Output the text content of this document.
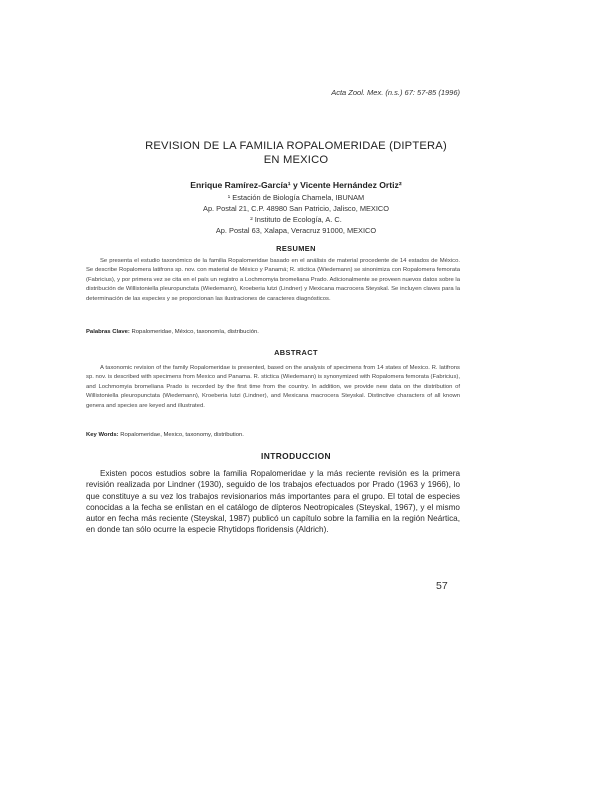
Acta Zool. Mex. (n.s.) 67: 57-85 (1996)
REVISION DE LA FAMILIA ROPALOMERIDAE (DIPTERA)
EN MEXICO
Enrique Ramírez-García¹ y Vicente Hernández Ortiz²
¹ Estación de Biología Chamela, IBUNAM
Ap. Postal 21, C.P. 48980 San Patricio, Jalisco, MEXICO
² Instituto de Ecología, A. C.
Ap. Postal 63, Xalapa, Veracruz 91000, MEXICO
RESUMEN
Se presenta el estudio taxonómico de la familia Ropalomeridae basado en el análisis de material procedente de 14 estados de México. Se describe Ropalomera latifrons sp. nov. con material de México y Panamá; R. stictica (Wiedemann) se sinonimiza con Ropalomera femorata (Fabricius), y por primera vez se cita en el país un registro a Lochmomyia bromeliana Prado. Adicionalmente se proveen nuevos datos sobre la distribución de Willistoniella pleuropunctata (Wiedemann), Kroeberia lutzi (Lindner) y Mexicana macrocera Steyskal. Se incluyen claves para la determinación de las especies y se proporcionan las ilustraciones de caracteres diagnósticos.
Palabras Clave: Ropalomeridae, México, taxonomía, distribución.
ABSTRACT
A taxonomic revision of the family Ropalomeridae is presented, based on the analysis of specimens from 14 states of Mexico. R. latifrons sp. nov. is described with specimens from Mexico and Panama. R. stictica (Wiedemann) is synonymized with Ropalomera femorata (Fabricius), and Lochmomyia bromeliana Prado is recorded by the first time from the country. In addition, we provide new data on the distribution of Willistoniella pleuropunctata (Wiedemann), Kroeberia lutzi (Lindner), and Mexicana macrocera Steyskal. Distinctive characters of all known genera and species are keyed and illustrated.
Key Words: Ropalomeridae, Mexico, taxonomy, distribution.
INTRODUCCION
Existen pocos estudios sobre la familia Ropalomeridae y la más reciente revisión es la primera revisión realizada por Lindner (1930), seguido de los trabajos efectuados por Prado (1963 y 1966), lo que constituye a su vez los trabajos revisionarios más importantes para el grupo. El total de especies conocidas a la fecha se enlistan en el catálogo de dípteros Neotropicales (Steyskal, 1967), y el mismo autor en fecha más reciente (Steyskal, 1987) publicó un capítulo sobre la familia en la región Neártica, en donde tan sólo ocurre la especie Rhytidops floridensis (Aldrich).
57
